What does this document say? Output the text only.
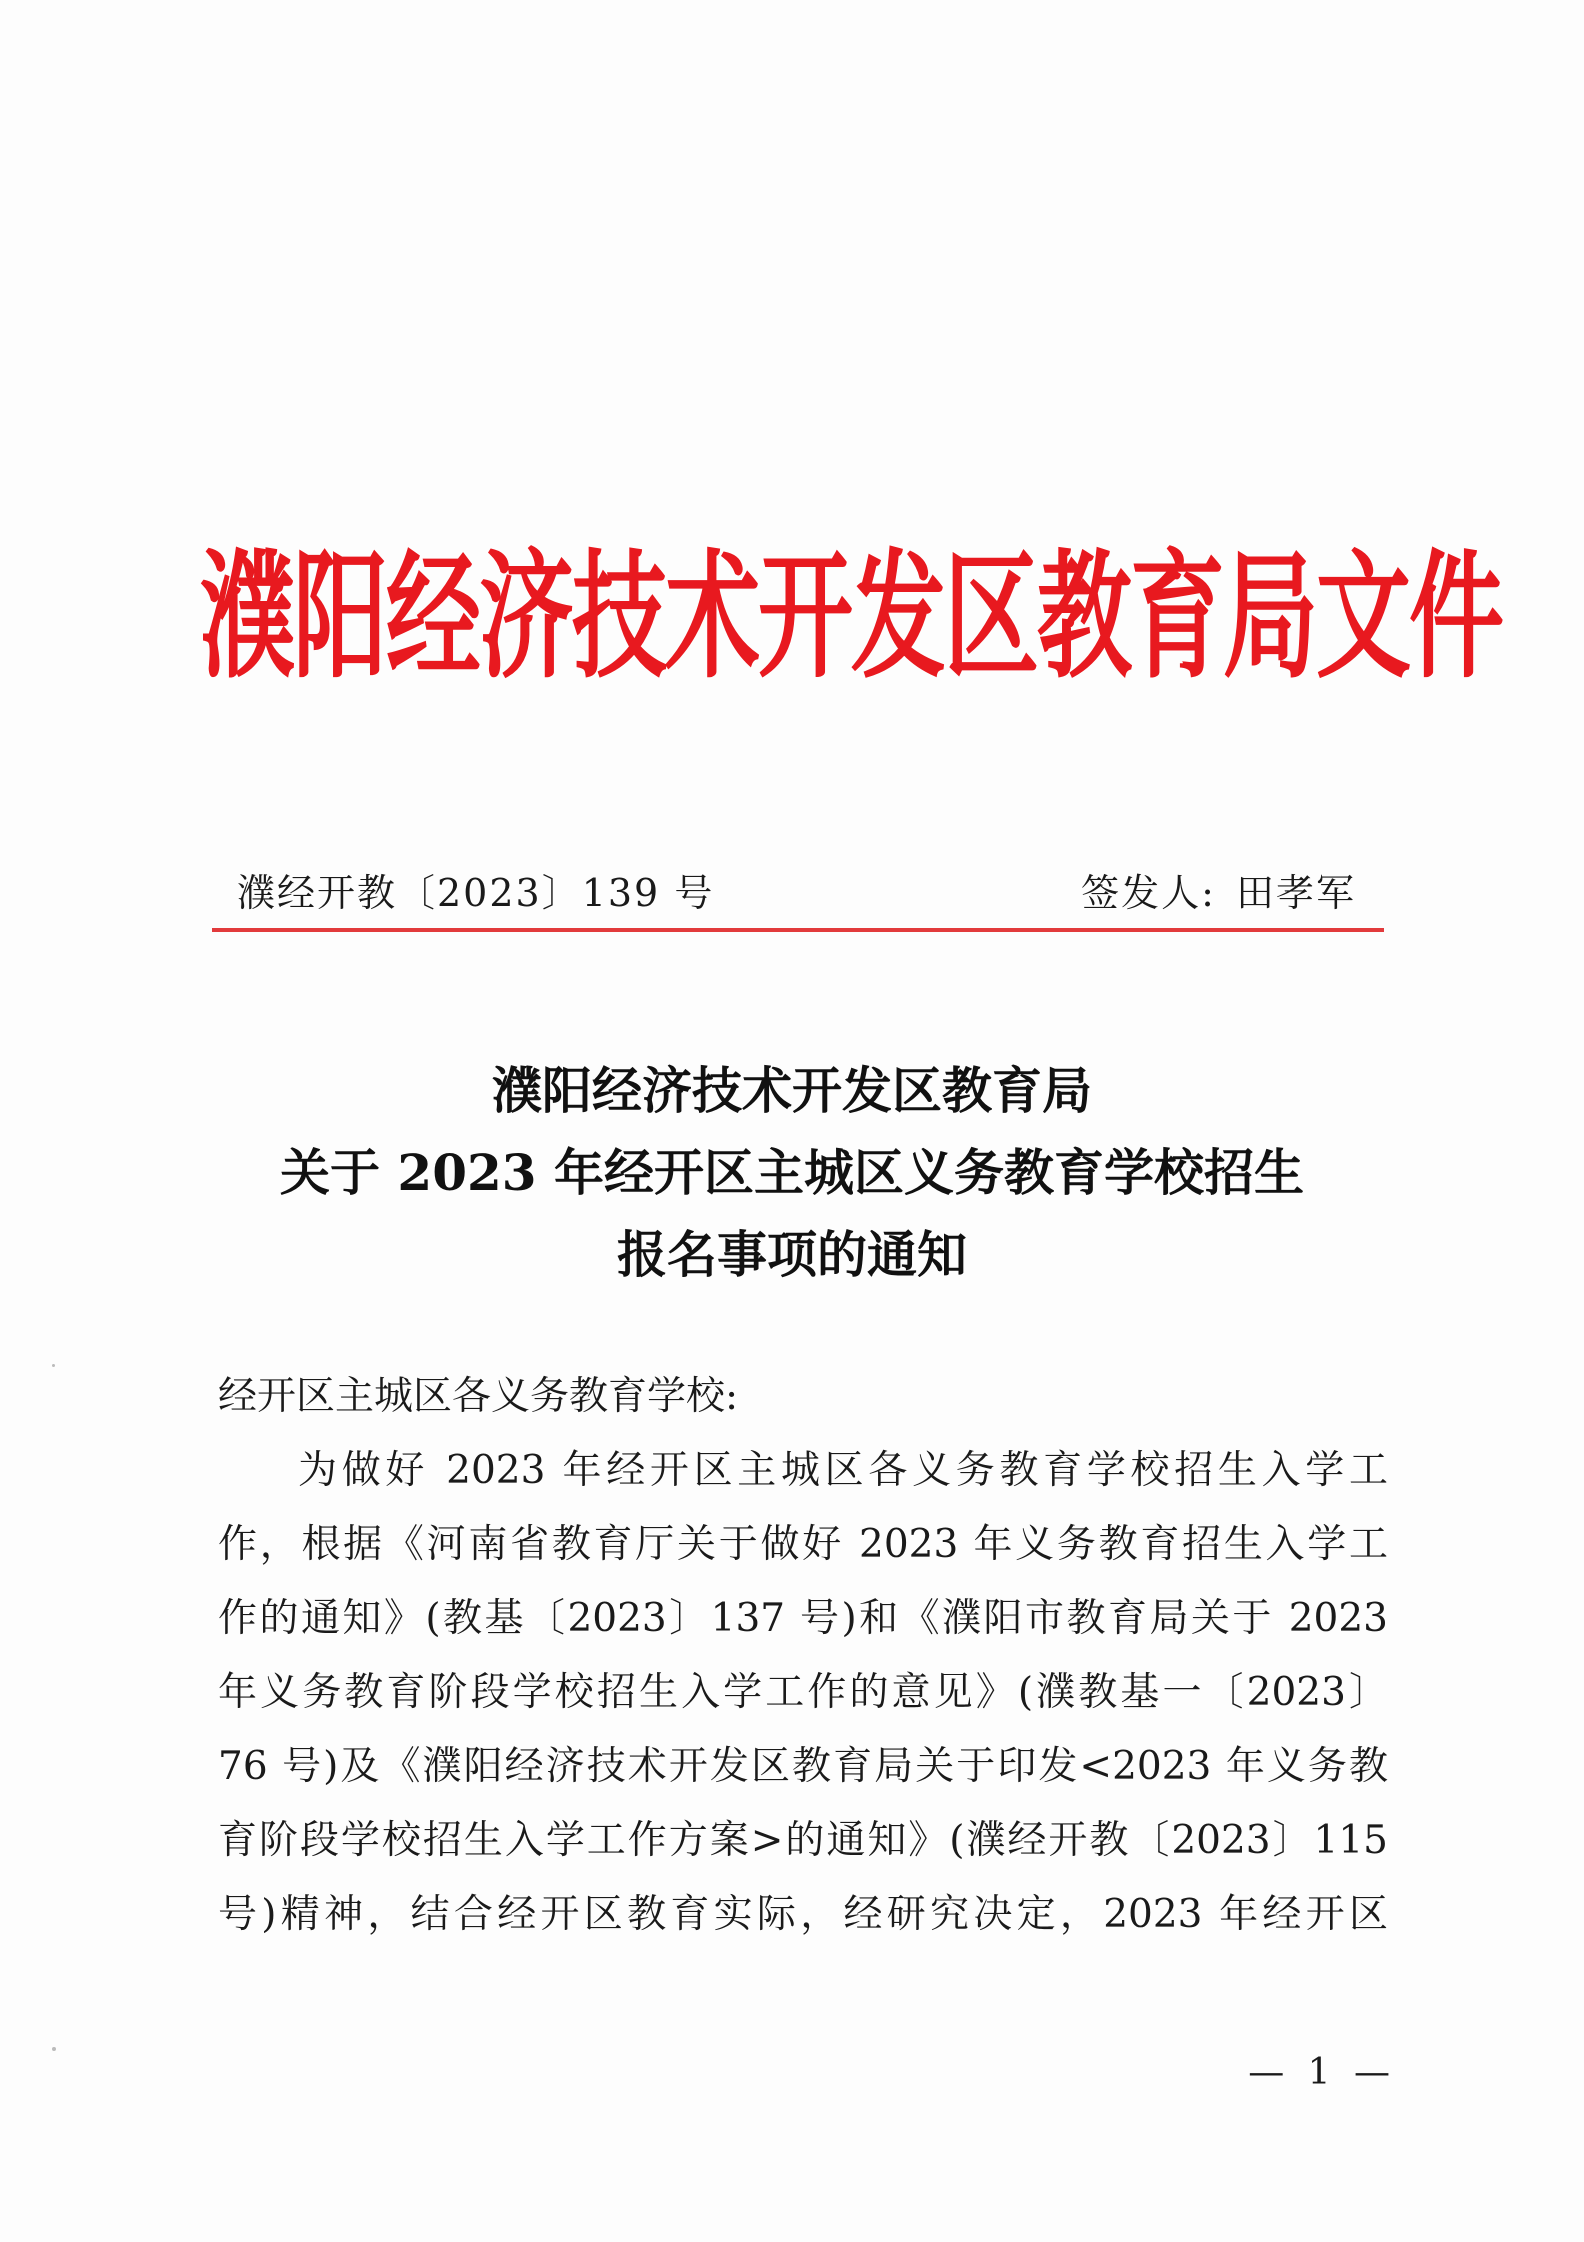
濮阳经济技术开发区教育局文件
濮经开教〔2023〕139 号	签发人: 田孝军
濮阳经济技术开发区教育局
关于 2023 年经开区主城区义务教育学校招生
报名事项的通知
经开区主城区各义务教育学校:
为做好 2023 年经开区主城区各义务教育学校招生入学工
作，根据《河南省教育厅关于做好 2023 年义务教育招生入学工
作的通知》(教基〔2023〕137 号)和《濮阳市教育局关于 2023
年义务教育阶段学校招生入学工作的意见》(濮教基一〔2023〕
76 号)及《濮阳经济技术开发区教育局关于印发<2023 年义务教
育阶段学校招生入学工作方案>的通知》(濮经开教〔2023〕115
号)精神，结合经开区教育实际，经研究决定，2023 年经开区
— 1 —
